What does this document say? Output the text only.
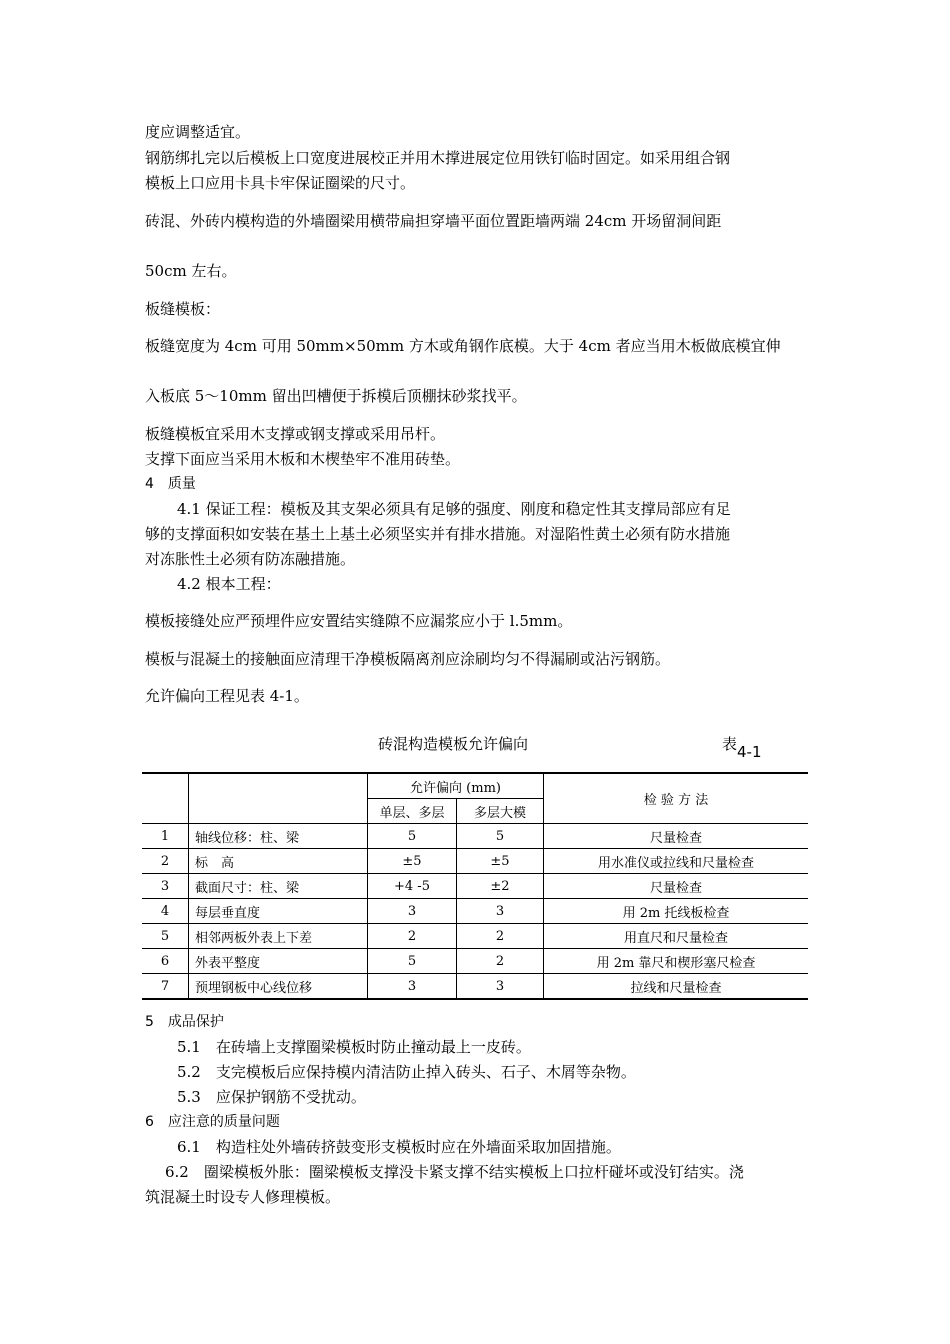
度应调整适宜。
钢筋绑扎完以后模板上口宽度进展校正并用木撑进展定位用铁钉临时固定。如采用组合钢
模板上口应用卡具卡牢保证圈梁的尺寸。
砖混、外砖内模构造的外墙圈梁用横带扁担穿墙平面位置距墙两端 24cm 开场留洞间距
50cm 左右。
板缝模板：
板缝宽度为 4cm 可用 50mm×50mm 方木或角钢作底模。大于 4cm 者应当用木板做底模宜伸
入板底 5～10mm 留出凹槽便于拆模后顶棚抹砂浆找平。
板缝模板宜采用木支撑或钢支撑或采用吊杆。
支撑下面应当采用木板和木楔垫牢不准用砖垫。
4　质量
4.1 保证工程：模板及其支架必须具有足够的强度、刚度和稳定性其支撑局部应有足
够的支撑面积如安装在基土上基土必须坚实并有排水措施。对湿陷性黄土必须有防水措施
对冻胀性土必须有防冻融措施。
4.2 根本工程：
模板接缝处应严预埋件应安置结实缝隙不应漏浆应小于 l.5mm。
模板与混凝土的接触面应清理干净模板隔离剂应涂刷均匀不得漏刷或沾污钢筋。
允许偏向工程见表 4-1。
砖混构造模板允许偏向	表4-1
		允许偏向 (mm)		检 验 方 法
		单层、多层	多层大模	
1	轴线位移：柱、梁	5	5	尺量检查
2	标　高	±5	±5	用水准仪或拉线和尺量检查
3	截面尺寸：柱、梁	+4 -5	±2	尺量检查
4	每层垂直度	3	3	用 2m 托线板检查
5	相邻两板外表上下差	2	2	用直尺和尺量检查
6	外表平整度	5	2	用 2m 靠尺和楔形塞尺检查
7	预埋钢板中心线位移	3	3	拉线和尺量检查
5　成品保护
5.1　在砖墙上支撑圈梁模板时防止撞动最上一皮砖。
5.2　支完模板后应保持模内清洁防止掉入砖头、石子、木屑等杂物。
5.3　应保护钢筋不受扰动。
6　应注意的质量问题
6.1　构造柱处外墙砖挤鼓变形支模板时应在外墙面采取加固措施。
6.2　圈梁模板外胀：圈梁模板支撑没卡紧支撑不结实模板上口拉杆碰坏或没钉结实。浇
筑混凝土时设专人修理模板。
